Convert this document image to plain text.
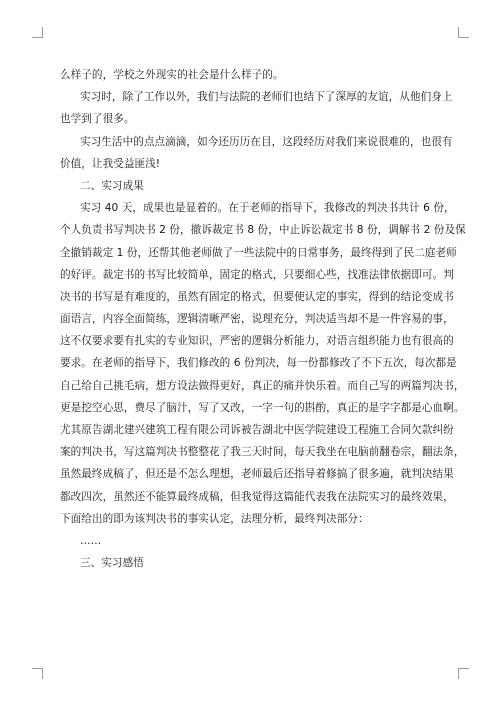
么样子的，学校之外现实的社会是什么样子的。
实习时，除了工作以外，我们与法院的老师们也结下了深厚的友谊，从他们身上
也学到了很多。
实习生活中的点点滴滴，如今还历历在目，这段经历对我们来说很难的，也很有
价值，让我受益匪浅!
二、实习成果
实习 40 天，成果也是显着的。在于老师的指导下，我修改的判决书共计 6 份，
个人负责书写判决书 2 份，撤诉裁定书 8 份，中止诉讼裁定书 8 份，调解书 2 份及保
全撤销裁定 1 份，还帮其他老师做了一些法院中的日常事务，最终得到了民二庭老师
的好评。裁定书的书写比较简单，固定的格式，只要细心些，找准法律依据即可。判
决书的书写是有难度的，虽然有固定的格式，但要使认定的事实，得到的结论变成书
面语言，内容全面简练，逻辑清晰严密，说理充分，判决适当却不是一件容易的事，
这不仅要求要有扎实的专业知识，严密的逻辑分析能力，对语言组织能力也有很高的
要求。在老师的指导下，我们修改的 6 份判决，每一份都修改了不下五次，每次都是
自己给自己挑毛病，想方设法做得更好，真正的痛并快乐着。而自己写的两篇判决书，
更是挖空心思，费尽了脑汁，写了又改，一字一句的斟酌，真正的是字字都是心血啊。
尤其原告湖北建兴建筑工程有限公司诉被告湖北中医学院建设工程施工合同欠款纠纷
案的判决书，写这篇判决书整整花了我三天时间，每天我坐在电脑前翻卷宗，翻法条，
虽然最终成稿了，但还是不怎么理想，老师最后还指导着修搞了很多遍，就判决结果
都改四次，虽然还不能算最终成稿，但我觉得这篇能代表我在法院实习的最终效果，
下面给出的即为该判决书的事实认定，法理分析，最终判决部分：
……
三、实习感悟
